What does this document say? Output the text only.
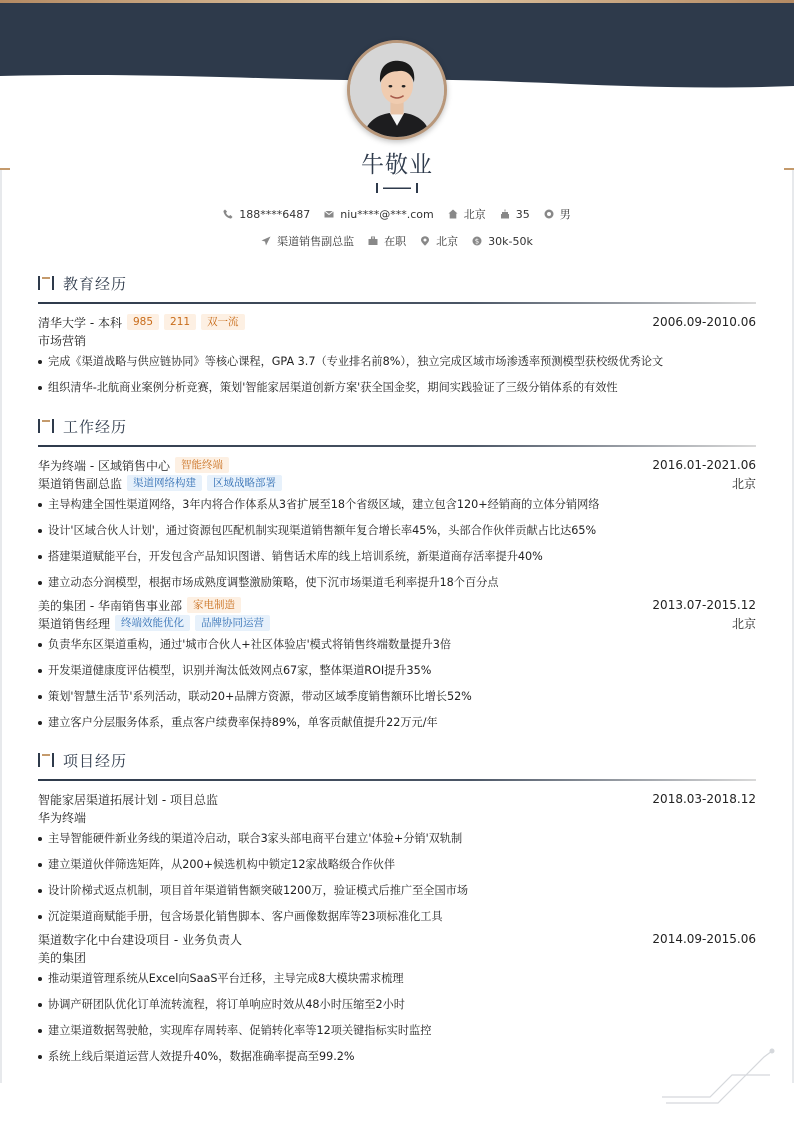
牛敬业
188****6487	niu****@***.com	北京	35	男
渠道销售副总监	在职	北京 $ 30k-50k
教育经历
清华大学 - 本科	985	211	双一流	2006.09-2010.06
市场营销
完成《渠道战略与供应链协同》等核心课程，GPA 3.7（专业排名前8%），独立完成区域市场渗透率预测模型获校级优秀论文
组织清华-北航商业案例分析竞赛，策划'智能家居渠道创新方案'获全国金奖，期间实践验证了三级分销体系的有效性
工作经历
华为终端 - 区域销售中心	智能终端	2016.01-2021.06
渠道销售副总监	渠道网络构建	区域战略部署	北京
主导构建全国性渠道网络，3年内将合作体系从3省扩展至18个省级区域，建立包含120+经销商的立体分销网络
设计'区域合伙人计划'，通过资源包匹配机制实现渠道销售额年复合增长率45%，头部合作伙伴贡献占比达65%
搭建渠道赋能平台，开发包含产品知识图谱、销售话术库的线上培训系统，新渠道商存活率提升40%
建立动态分润模型，根据市场成熟度调整激励策略，使下沉市场渠道毛利率提升18个百分点
美的集团 - 华南销售事业部	家电制造	2013.07-2015.12
渠道销售经理	终端效能优化	品牌协同运营	北京
负责华东区渠道重构，通过'城市合伙人+社区体验店'模式将销售终端数量提升3倍
开发渠道健康度评估模型，识别并淘汰低效网点67家，整体渠道ROI提升35%
策划'智慧生活节'系列活动，联动20+品牌方资源，带动区域季度销售额环比增长52%
建立客户分层服务体系，重点客户续费率保持89%，单客贡献值提升22万元/年
项目经历
智能家居渠道拓展计划 - 项目总监	2018.03-2018.12
华为终端
主导智能硬件新业务线的渠道冷启动，联合3家头部电商平台建立'体验+分销'双轨制
建立渠道伙伴筛选矩阵，从200+候选机构中锁定12家战略级合作伙伴
设计阶梯式返点机制，项目首年渠道销售额突破1200万，验证模式后推广至全国市场
沉淀渠道商赋能手册，包含场景化销售脚本、客户画像数据库等23项标准化工具
渠道数字化中台建设项目 - 业务负责人	2014.09-2015.06
美的集团
推动渠道管理系统从Excel向SaaS平台迁移，主导完成8大模块需求梳理
协调产研团队优化订单流转流程，将订单响应时效从48小时压缩至2小时
建立渠道数据驾驶舱，实现库存周转率、促销转化率等12项关键指标实时监控
系统上线后渠道运营人效提升40%，数据准确率提高至99.2%
